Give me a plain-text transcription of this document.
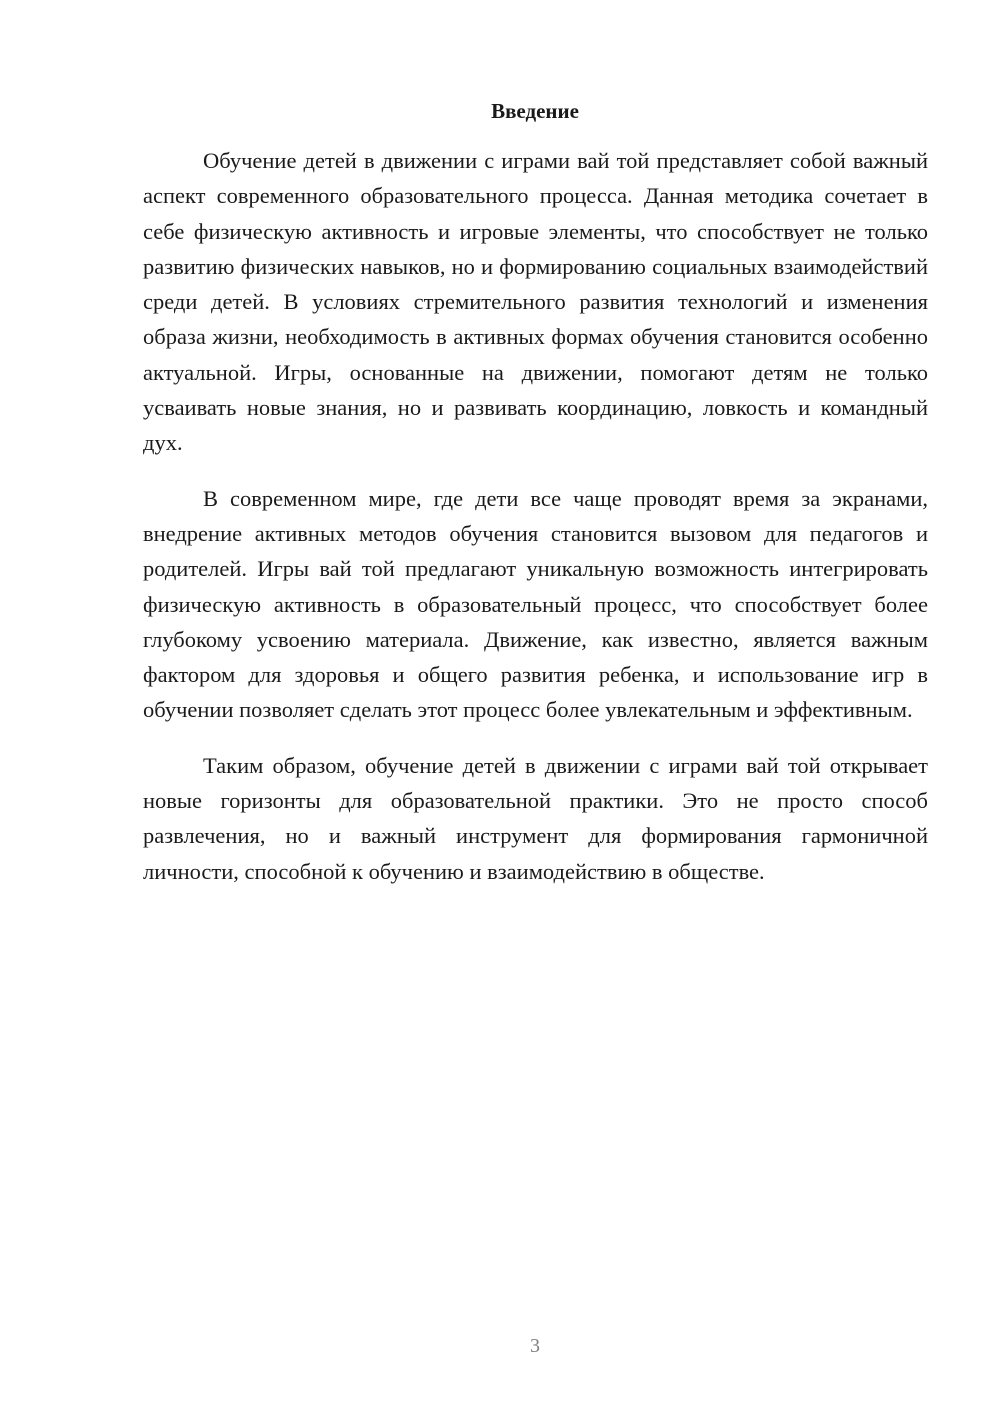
Введение

Обучение детей в движении с играми вай той представляет собой важный аспект современного образовательного процесса. Данная методика сочетает в себе физическую активность и игровые элементы, что способствует не только развитию физических навыков, но и формированию социальных взаимодействий среди детей. В условиях стремительного развития технологий и изменения образа жизни, необходимость в активных формах обучения становится особенно актуальной. Игры, основанные на движении, помогают детям не только усваивать новые знания, но и развивать координацию, ловкость и командный дух.

В современном мире, где дети все чаще проводят время за экранами, внедрение активных методов обучения становится вызовом для педагогов и родителей. Игры вай той предлагают уникальную возможность интегрировать физическую активность в образовательный процесс, что способствует более глубокому усвоению материала. Движение, как известно, является важным фактором для здоровья и общего развития ребенка, и использование игр в обучении позволяет сделать этот процесс более увлекательным и эффективным.

Таким образом, обучение детей в движении с играми вай той открывает новые горизонты для образовательной практики. Это не просто способ развлечения, но и важный инструмент для формирования гармоничной личности, способной к обучению и взаимодействию в обществе.

3
